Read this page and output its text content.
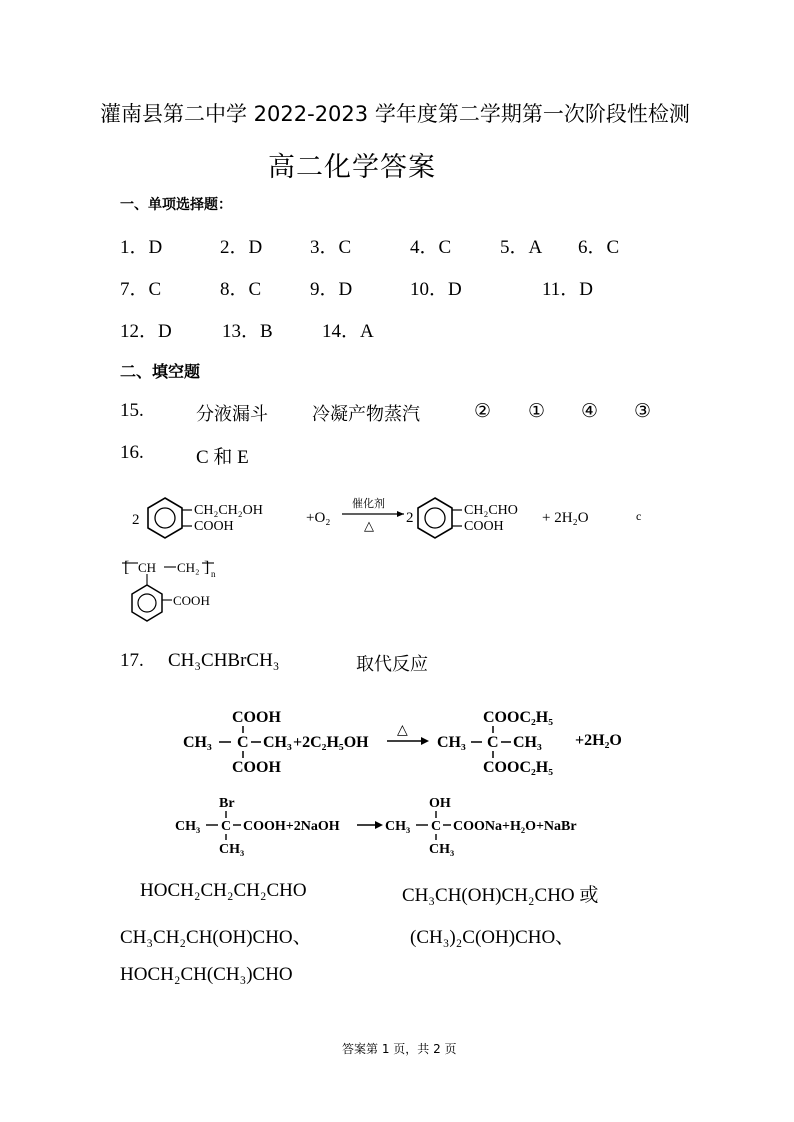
灌南县第二中学 2022-2023 学年度第二学期第一次阶段性检测
高二化学答案
一、单项选择题：
1．D	2．D	3．C	4．C	5．A 6．C
7．C	8．C	9．D	10．D	11．D
12．D	13．B	14．A
二、填空题
15.	分液漏斗 冷凝产物蒸汽	② ① ④ ③
16.	C 和 E
2
CH₂CH₂OH
COOH
+O₂
催化剂
△ 2	CH₂CHO
COOH
+ 2H₂O	c
[ CH CH₂ ] n
COOH
17. CH₃CHBrCH₃	取代反应
COOH
CH₃ C CH₃
COOH
+2C₂H₅OH
△
COOC₂H₅
CH₃ C CH₃
COOC₂H₅
+2H₂O
Br
CH₃ C COOH+2NaOH
CH₃
OH
CH₃ C COONa+H₂O+NaBr
CH₃
HOCH₂CH₂CH₂CHO	CH₃CH(OH)CH₂CHO 或
CH₃CH₂CH(OH)CHO、	(CH₃)₂C(OH)CHO、
HOCH₂CH(CH₃)CHO
答案第 1 页，共 2 页
